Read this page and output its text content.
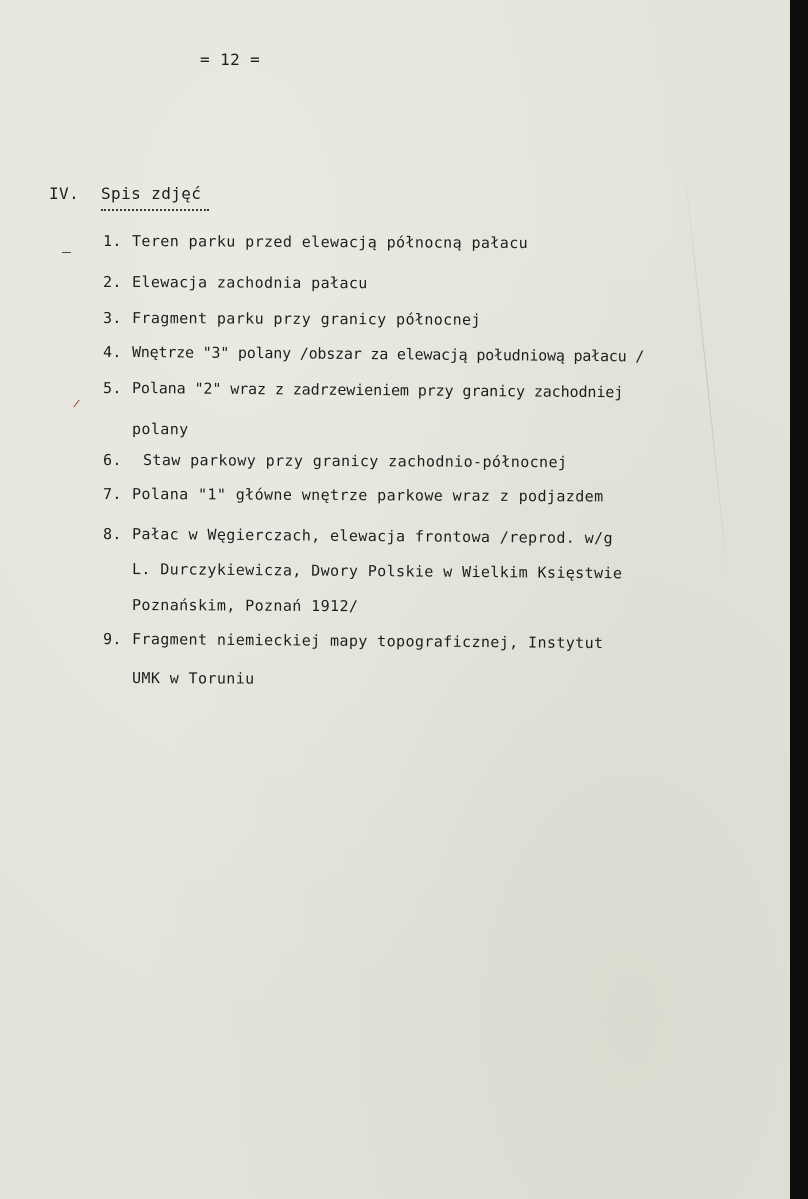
= 12 =
IV. Spis zdjęć
1. Teren parku przed elewacją północną pałacu
2. Elewacja zachodnia pałacu
3. Fragment parku przy granicy północnej
4. Wnętrze "3" polany /obszar za elewacją południową pałacu /
5. Polana "2" wraz z zadrzewieniem przy granicy zachodniej
polany
6. Staw parkowy przy granicy zachodnio-północnej
7. Polana "1" główne wnętrze parkowe wraz z podjazdem
8. Pałac w Węgierczach, elewacja frontowa /reprod. w/g
L. Durczykiewicza, Dwory Polskie w Wielkim Księstwie
Poznańskim, Poznań 1912/
9. Fragment niemieckiej mapy topograficznej, Instytut
UMK w Toruniu
